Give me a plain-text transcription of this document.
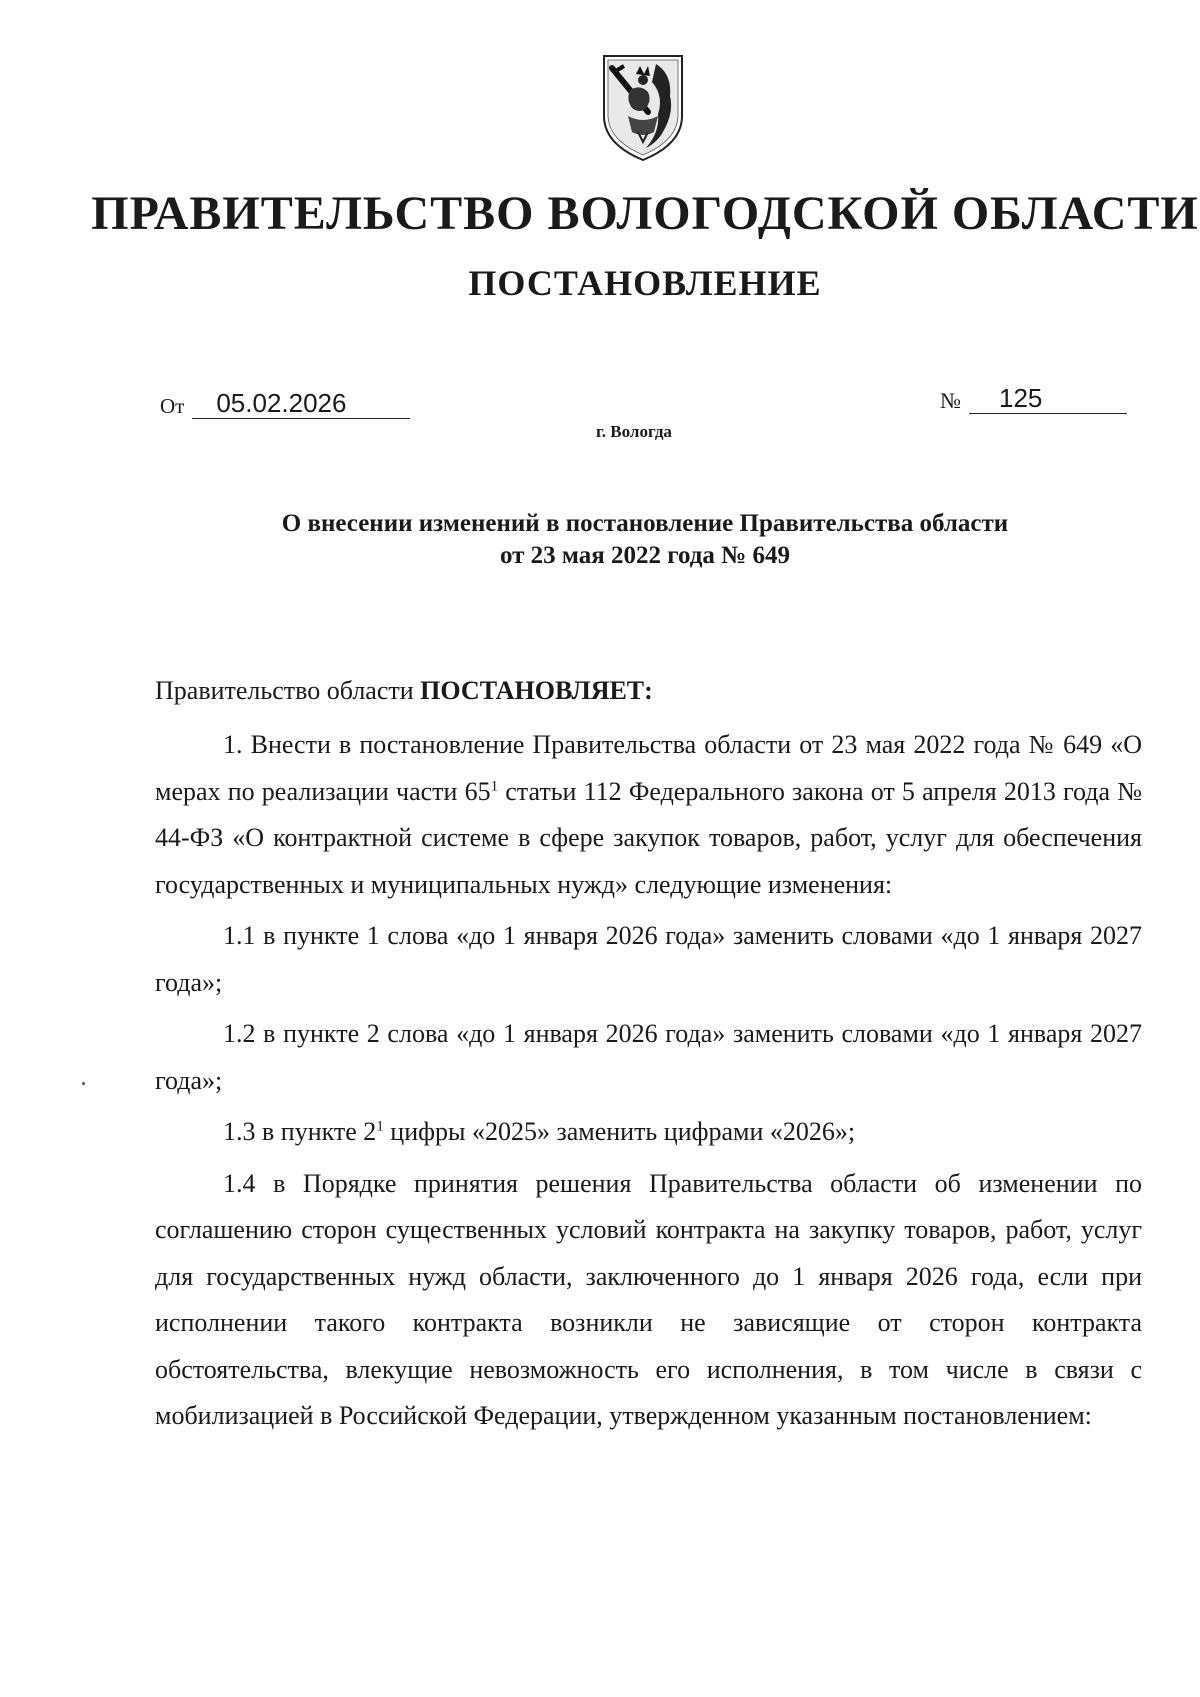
ПРАВИТЕЛЬСТВО ВОЛОГОДСКОЙ ОБЛАСТИ
ПОСТАНОВЛЕНИЕ
От	05.02.2026	№	125
г. Вологда
О внесении изменений в постановление Правительства области
от 23 мая 2022 года № 649

Правительство области ПОСТАНОВЛЯЕТ:

1. Внести в постановление Правительства области от 23 мая 2022 года № 649 «О мерах по реализации части $65^1$ статьи 112 Федерального закона от 5 апреля 2013 года № 44-ФЗ «О контрактной системе в сфере закупок товаров, работ, услуг для обеспечения государственных и муниципальных нужд» следующие изменения:

1.1 в пункте 1 слова «до 1 января 2026 года» заменить словами «до 1 января 2027 года»;

1.2 в пункте 2 слова «до 1 января 2026 года» заменить словами «до 1 января 2027 года»;

1.3 в пункте $2^1$ цифры «2025» заменить цифрами «2026»;

1.4 в Порядке принятия решения Правительства области об изменении по соглашению сторон существенных условий контракта на закупку товаров, работ, услуг для государственных нужд области, заключенного до 1 января 2026 года, если при исполнении такого контракта возникли не зависящие от сторон контракта обстоятельства, влекущие невозможность его исполнения, в том числе в связи с мобилизацией в Российской Федерации, утвержденном указанным постановлением:
